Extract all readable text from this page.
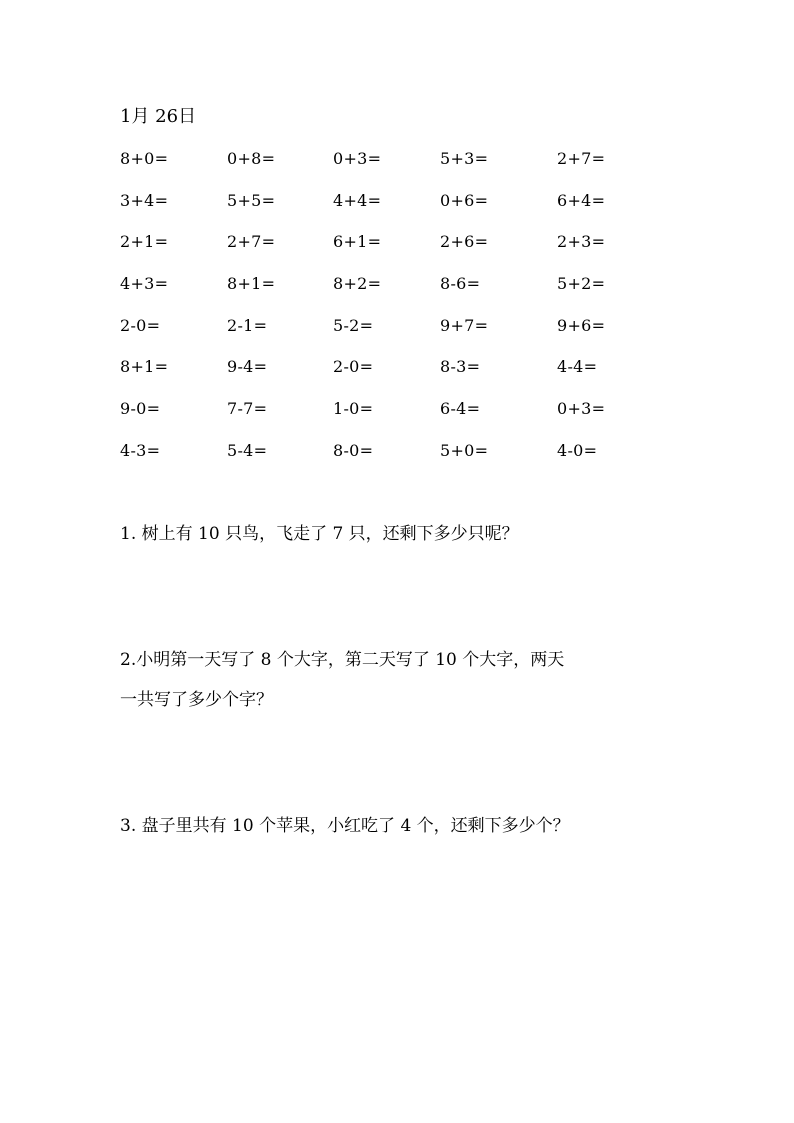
1月 26日
8+0=	0+8=	0+3=	5+3=	2+7=
3+4=	5+5=	4+4=	0+6=	6+4=
2+1=	2+7=	6+1=	2+6=	2+3=
4+3=	8+1=	8+2=	8-6=	5+2=
2-0=	2-1=	5-2=	9+7=	9+6=
8+1=	9-4=	2-0=	8-3=	4-4=
9-0=	7-7=	1-0=	6-4=	0+3=
4-3=	5-4=	8-0=	5+0=	4-0=
1. 树上有 10 只鸟，飞走了 7 只，还剩下多少只呢？
2.小明第一天写了 8 个大字，第二天写了 10 个大字，两天
一共写了多少个字？
3. 盘子里共有 10 个苹果，小红吃了 4 个，还剩下多少个？
